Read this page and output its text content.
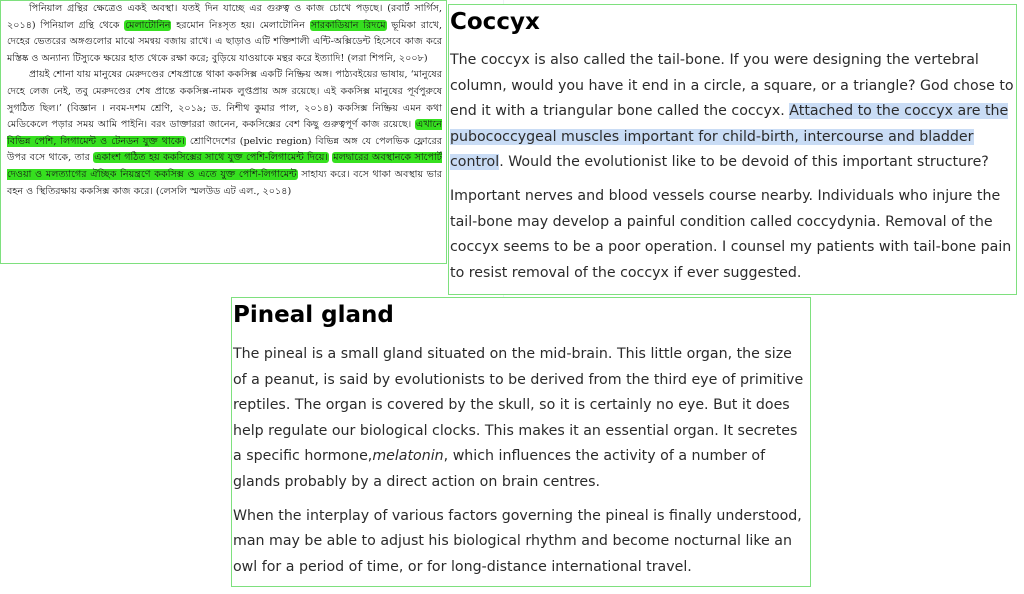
পিনিয়াল গ্রন্থির ক্ষেত্রেও একই অবস্থা। যতই দিন যাচ্ছে এর গুরুত্ব ও কাজ চোখে পড়ছে। (রবার্ট সার্গিস, ২০১৪) পিনিয়াল গ্রন্থি থেকে মেলাটোনিন হরমোন নিঃসৃত হয়। মেলাটোনিন সারকাডিয়ান রিদমে ভূমিকা রাখে, দেহের ভেতরের অঙ্গগুলোর মাঝে সমন্বয় বজায় রাখে। এ ছাড়াও এটি শক্তিশালী এন্টি-অক্সিডেন্ট হিসেবে কাজ করে মস্তিষ্ক ও অন্যান্য টিস্যুকে ক্ষয়ের হাত থেকে রক্ষা করে; বুড়িয়ে যাওয়াকে মন্থর করে ইত্যাদি! (লরা শিপনি, ২০০৮)

প্রায়ই শোনা যায় মানুষের মেরুদণ্ডের শেষপ্রান্তে থাকা ককসিক্স একটি নিষ্ক্রিয় অঙ্গ। পাঠ্যবইয়ের ভাষায়, ‘মানুষের দেহে লেজ নেই, তবু মেরুদণ্ডের শেষ প্রান্তে ককসিক্স-নামক লুপ্তপ্রায় অঙ্গ রয়েছে। এই ককসিক্স মানুষের পূর্বপুরুষে সুগঠিত ছিল।’ (বিজ্ঞান । নবম-দশম শ্রেণি, ২০১৯; ড. নিশীথ কুমার পাল, ২০১৪) ককসিক্স নিষ্ক্রিয় এমন কথা মেডিকেলে পড়ার সময় আমি পাইনি। বরং ডাক্তাররা জানেন, ককসিক্সের বেশ কিছু গুরুত্বপূর্ণ কাজ রয়েছে। এখানে বিভিন্ন পেশি, লিগামেন্ট ও টেনডন যুক্ত থাকে। শ্রোণিদেশের (pelvic region) বিভিন্ন অঙ্গ যে পেলভিক ফ্লোরের উপর বসে থাকে, তার একাংশ গঠিত হয় ককসিক্সের সাথে যুক্ত পেশি-লিগামেন্ট দিয়ে। মলদ্বারের অবস্থানকে সাপোর্ট দেওয়া ও মলত্যাগের ঐচ্ছিক নিয়ন্ত্রণে ককসিক্স ও এতে যুক্ত পেশি-লিগামেন্ট সাহায্য করে। বসে থাকা অবস্থায় ভার বহন ও স্থিতিরক্ষায় ককসিক্স কাজ করে। (লেসলি স্মলউড এট এল., ২০১৪)

Coccyx

The coccyx is also called the tail-bone. If you were designing the vertebral column, would you have it end in a circle, a square, or a triangle? God chose to end it with a triangular bone called the coccyx. Attached to the coccyx are the pubococcygeal muscles important for child-birth, intercourse and bladder control. Would the evolutionist like to be devoid of this important structure?

Important nerves and blood vessels course nearby. Individuals who injure the tail-bone may develop a painful condition called coccydynia. Removal of the coccyx seems to be a poor operation. I counsel my patients with tail-bone pain to resist removal of the coccyx if ever suggested.

Pineal gland

The pineal is a small gland situated on the mid-brain. This little organ, the size of a peanut, is said by evolutionists to be derived from the third eye of primitive reptiles. The organ is covered by the skull, so it is certainly no eye. But it does help regulate our biological clocks. This makes it an essential organ. It secretes a specific hormone,melatonin, which influences the activity of a number of glands probably by a direct action on brain centres.

When the interplay of various factors governing the pineal is finally understood, man may be able to adjust his biological rhythm and become nocturnal like an owl for a period of time, or for long-distance international travel.
